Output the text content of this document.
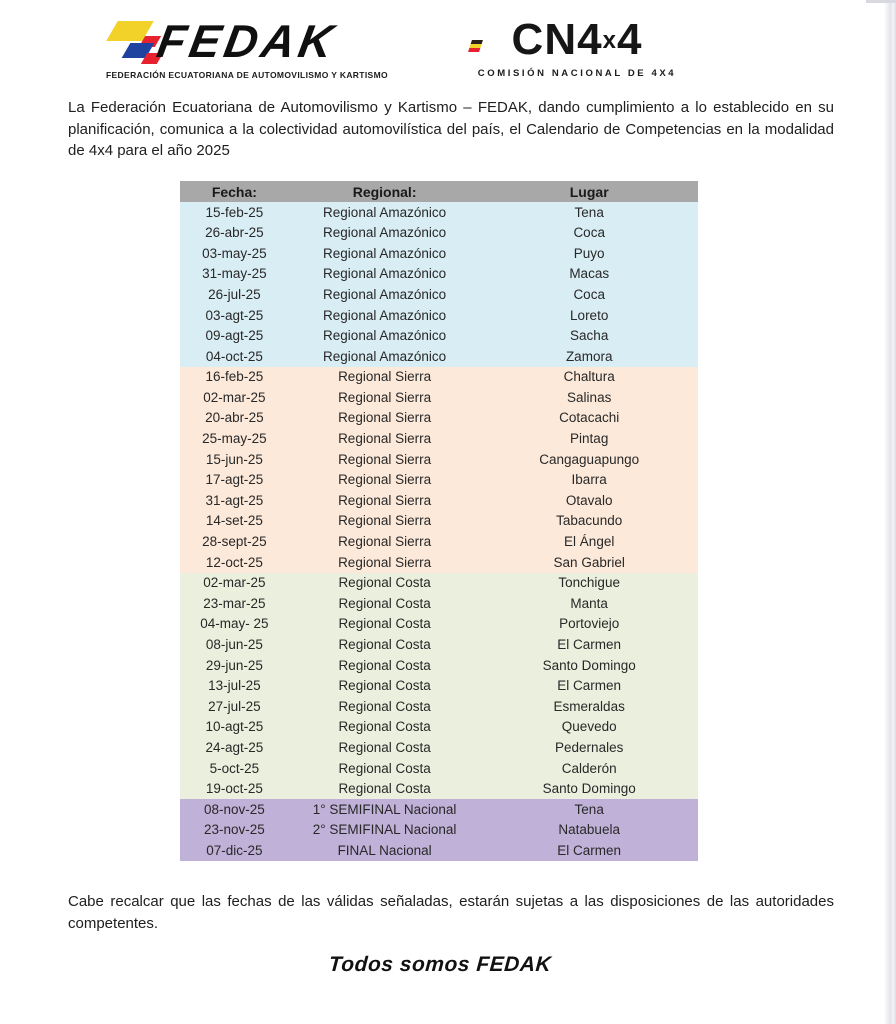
FEDAK
FEDERACIÓN ECUATORIANA DE AUTOMOVILISMO Y KARTISMO
CN4x4
COMISIÓN NACIONAL DE 4X4
La Federación Ecuatoriana de Automovilismo y Kartismo – FEDAK, dando cumplimiento a lo establecido en su planificación, comunica a la colectividad automovilística del país, el Calendario de Competencias en la modalidad de 4x4 para el año 2025
Fecha:	Regional:	Lugar
15-feb-25	Regional Amazónico	Tena
26-abr-25	Regional Amazónico	Coca
03-may-25	Regional Amazónico	Puyo
31-may-25	Regional Amazónico	Macas
26-jul-25	Regional Amazónico	Coca
03-agt-25	Regional Amazónico	Loreto
09-agt-25	Regional Amazónico	Sacha
04-oct-25	Regional Amazónico	Zamora
16-feb-25	Regional Sierra	Chaltura
02-mar-25	Regional Sierra	Salinas
20-abr-25	Regional Sierra	Cotacachi
25-may-25	Regional Sierra	Pintag
15-jun-25	Regional Sierra	Cangaguapungo
17-agt-25	Regional Sierra	Ibarra
31-agt-25	Regional Sierra	Otavalo
14-set-25	Regional Sierra	Tabacundo
28-sept-25	Regional Sierra	El Ángel
12-oct-25	Regional Sierra	San Gabriel
02-mar-25	Regional Costa	Tonchigue
23-mar-25	Regional Costa	Manta
04-may- 25	Regional Costa	Portoviejo
08-jun-25	Regional Costa	El Carmen
29-jun-25	Regional Costa	Santo Domingo
13-jul-25	Regional Costa	El Carmen
27-jul-25	Regional Costa	Esmeraldas
10-agt-25	Regional Costa	Quevedo
24-agt-25	Regional Costa	Pedernales
5-oct-25	Regional Costa	Calderón
19-oct-25	Regional Costa	Santo Domingo
08-nov-25	1° SEMIFINAL Nacional	Tena
23-nov-25	2° SEMIFINAL Nacional	Natabuela
07-dic-25	FINAL Nacional	El Carmen
Cabe recalcar que las fechas de las válidas señaladas, estarán sujetas a las disposiciones de las autoridades competentes.
Todos somos FEDAK
